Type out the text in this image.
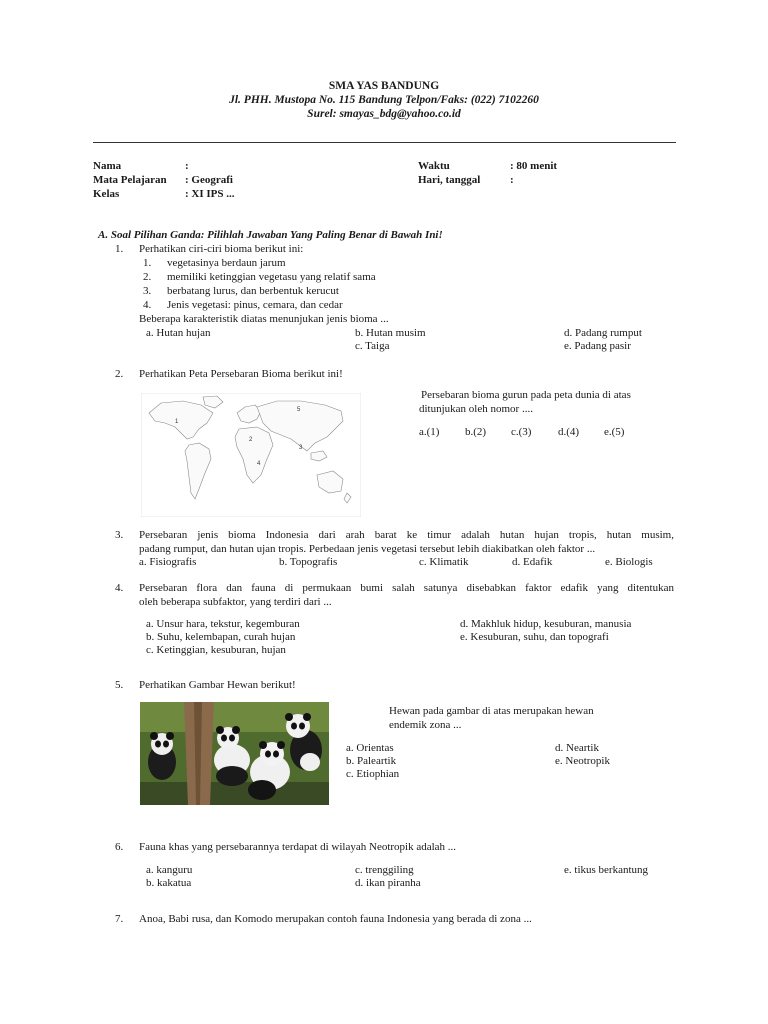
SMA YAS BANDUNG
Jl. PHH. Mustopa No. 115 Bandung Telpon/Faks: (022) 7102260
Surel: smayas_bdg@yahoo.co.id
Nama	:
Mata Pelajaran : Geografi
Kelas	: XI IPS ...
Waktu	: 80 menit
Hari, tanggal	:
A. Soal Pilihan Ganda: Pilihlah Jawaban Yang Paling Benar di Bawah Ini!
1. Perhatikan ciri-ciri bioma berikut ini:
1. vegetasinya berdaun jarum
2. memiliki ketinggian vegetasu yang relatif sama
3. berbatang lurus, dan berbentuk kerucut
4. Jenis vegetasi: pinus, cemara, dan cedar
Beberapa karakteristik diatas menunjukan jenis bioma ...
a. Hutan hujan	b. Hutan musim
c. Taiga
d. Padang rumput
e. Padang pasir
2. Perhatikan Peta Persebaran Bioma berikut ini!
1
2
3
4
5
Persebaran bioma gurun pada peta dunia di atas
ditunjukan oleh nomor ....
a.(1) b.(2) c.(3) d.(4) e.(5)
3. Persebaran jenis bioma Indonesia dari arah barat ke timur adalah hutan hujan tropis, hutan musim,
padang rumput, dan hutan ujan tropis. Perbedaan jenis vegetasi tersebut lebih diakibatkan oleh faktor ...
a. Fisiografis	b. Topografis	c. Klimatik	d. Edafik	e. Biologis
4. Persebaran flora dan fauna di permukaan bumi salah satunya disebabkan faktor edafik yang ditentukan
oleh beberapa subfaktor, yang terdiri dari ...
a. Unsur hara, tekstur, kegemburan
b. Suhu, kelembapan, curah hujan
c. Ketinggian, kesuburan, hujan
d. Makhluk hidup, kesuburan, manusia
e. Kesuburan, suhu, dan topografi
5. Perhatikan Gambar Hewan berikut!
Hewan pada gambar di atas merupakan hewan
endemik zona ...
a. Orientas
b. Paleartik
c. Etiophian
d. Neartik
e. Neotropik
6. Fauna khas yang persebarannya terdapat di wilayah Neotropik adalah ...
a. kanguru
b. kakatua
c. trenggiling
d. ikan piranha
e. tikus berkantung
7. Anoa, Babi rusa, dan Komodo merupakan contoh fauna Indonesia yang berada di zona ...
